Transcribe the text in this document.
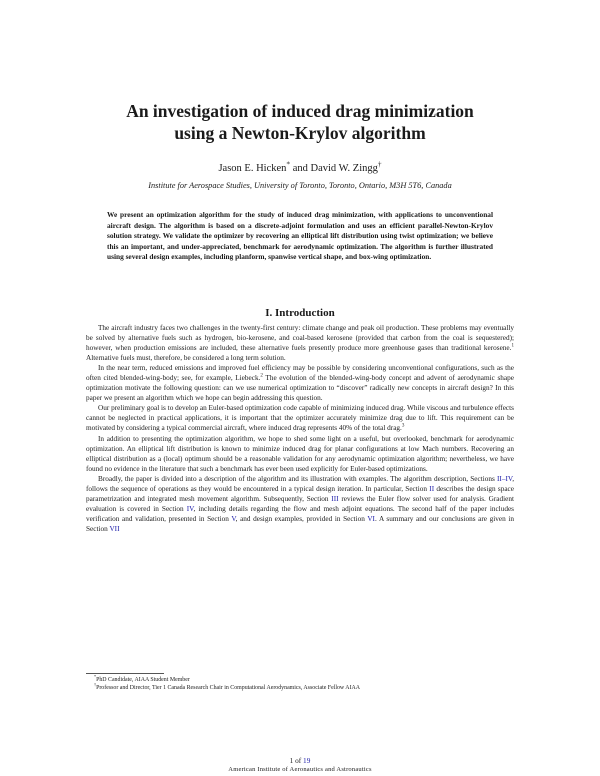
An investigation of induced drag minimization
using a Newton-Krylov algorithm
Jason E. Hicken* and David W. Zingg†
Institute for Aerospace Studies, University of Toronto, Toronto, Ontario, M3H 5T6, Canada
We present an optimization algorithm for the study of induced drag minimization, with applications to unconventional aircraft design. The algorithm is based on a discrete-adjoint formulation and uses an efficient parallel-Newton-Krylov solution strategy. We validate the optimizer by recovering an elliptical lift distribution using twist optimization; we believe this an important, and under-appreciated, benchmark for aerodynamic optimization. The algorithm is further illustrated using several design examples, including planform, spanwise vertical shape, and box-wing optimization.
I. Introduction

The aircraft industry faces two challenges in the twenty-first century: climate change and peak oil production. These problems may eventually be solved by alternative fuels such as hydrogen, bio-kerosene, and coal-based kerosene (provided that carbon from the coal is sequestered); however, when production emissions are included, these alternative fuels presently produce more greenhouse gases than traditional kerosene.$^1$ Alternative fuels must, therefore, be considered a long term solution.

In the near term, reduced emissions and improved fuel efficiency may be possible by considering unconventional configurations, such as the often cited blended-wing-body; see, for example, Liebeck.$^2$ The evolution of the blended-wing-body concept and advent of aerodynamic shape optimization motivate the following question: can we use numerical optimization to “discover” radically new concepts in aircraft design? In this paper we present an algorithm which we hope can begin addressing this question.

Our preliminary goal is to develop an Euler-based optimization code capable of minimizing induced drag. While viscous and turbulence effects cannot be neglected in practical applications, it is important that the optimizer accurately minimize drag due to lift. This requirement can be motivated by considering a typical commercial aircraft, where induced drag represents 40% of the total drag.$^3$

In addition to presenting the optimization algorithm, we hope to shed some light on a useful, but overlooked, benchmark for aerodynamic optimization. An elliptical lift distribution is known to minimize induced drag for planar configurations at low Mach numbers. Recovering an elliptical distribution as a (local) optimum should be a reasonable validation for any aerodynamic optimization algorithm; nevertheless, we have found no evidence in the literature that such a benchmark has ever been used explicitly for Euler-based optimizations.

Broadly, the paper is divided into a description of the algorithm and its illustration with examples. The algorithm description, Sections II–IV, follows the sequence of operations as they would be encountered in a typical design iteration. In particular, Section II describes the design space parametrization and integrated mesh movement algorithm. Subsequently, Section III reviews the Euler flow solver used for analysis. Gradient evaluation is covered in Section IV, including details regarding the flow and mesh adjoint equations. The second half of the paper includes verification and validation, presented in Section V, and design examples, provided in Section VI. A summary and our conclusions are given in Section VII

*PhD Candidate, AIAA Student Member
†Professor and Director, Tier 1 Canada Research Chair in Computational Aerodynamics, Associate Fellow AIAA
1 of 19
American Institute of Aeronautics and Astronautics
